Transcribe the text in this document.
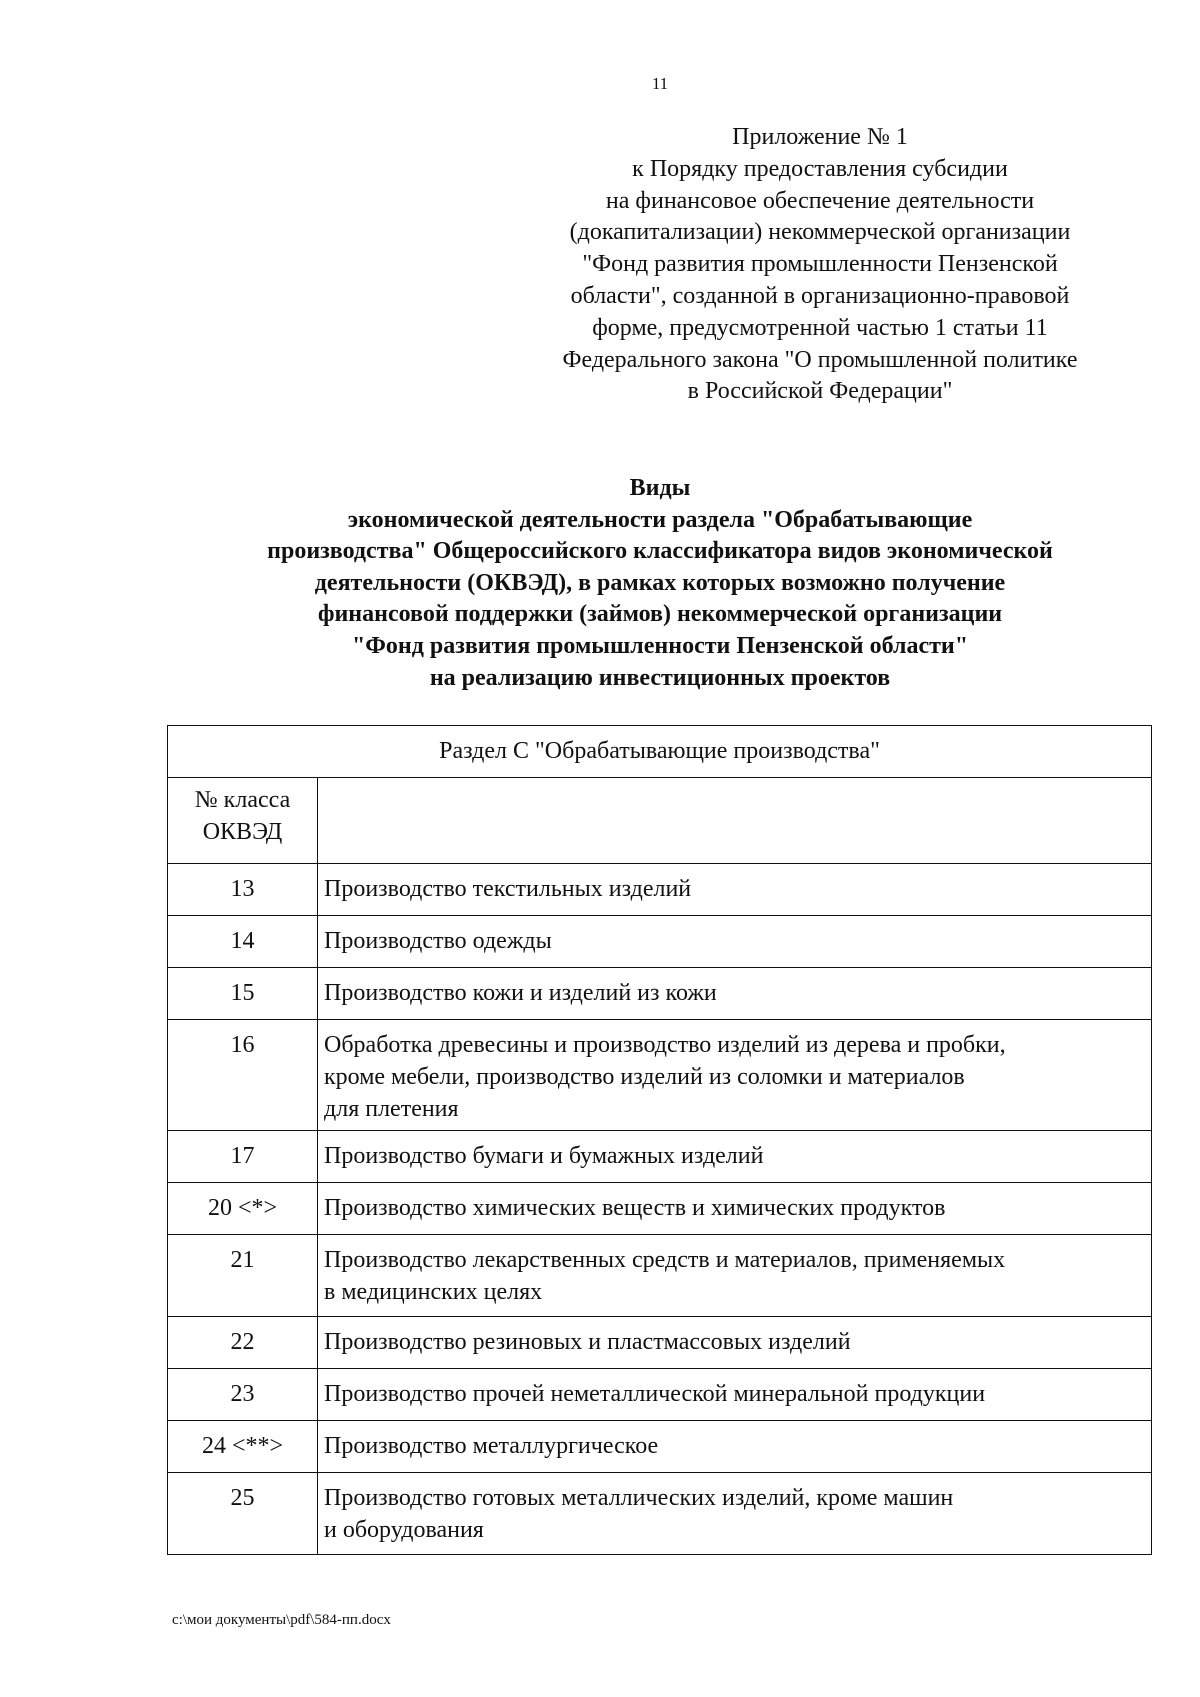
11
Приложение № 1
к Порядку предоставления субсидии
на финансовое обеспечение деятельности
(докапитализации) некоммерческой организации
"Фонд развития промышленности Пензенской
области", созданной в организационно-правовой
форме, предусмотренной частью 1 статьи 11
Федерального закона "О промышленной политике
в Российской Федерации"
Виды
экономической деятельности раздела "Обрабатывающие
производства" Общероссийского классификатора видов экономической
деятельности (ОКВЭД), в рамках которых возможно получение
финансовой поддержки (займов) некоммерческой организации
"Фонд развития промышленности Пензенской области"
на реализацию инвестиционных проектов
Раздел C "Обрабатывающие производства"	

№ класса
ОКВЭД	

13	Производство текстильных изделий

14	Производство одежды

15	Производство кожи и изделий из кожи

16	Обработка древесины и производство изделий из дерева и пробки,
кроме мебели, производство изделий из соломки и материалов
для плетения

17	Производство бумаги и бумажных изделий

20 <*>	Производство химических веществ и химических продуктов

21	Производство лекарственных средств и материалов, применяемых
в медицинских целях

22	Производство резиновых и пластмассовых изделий

23	Производство прочей неметаллической минеральной продукции

24 <**>	Производство металлургическое

25	Производство готовых металлических изделий, кроме машин
и оборудования
c:\мои документы\pdf\584-пп.docx
